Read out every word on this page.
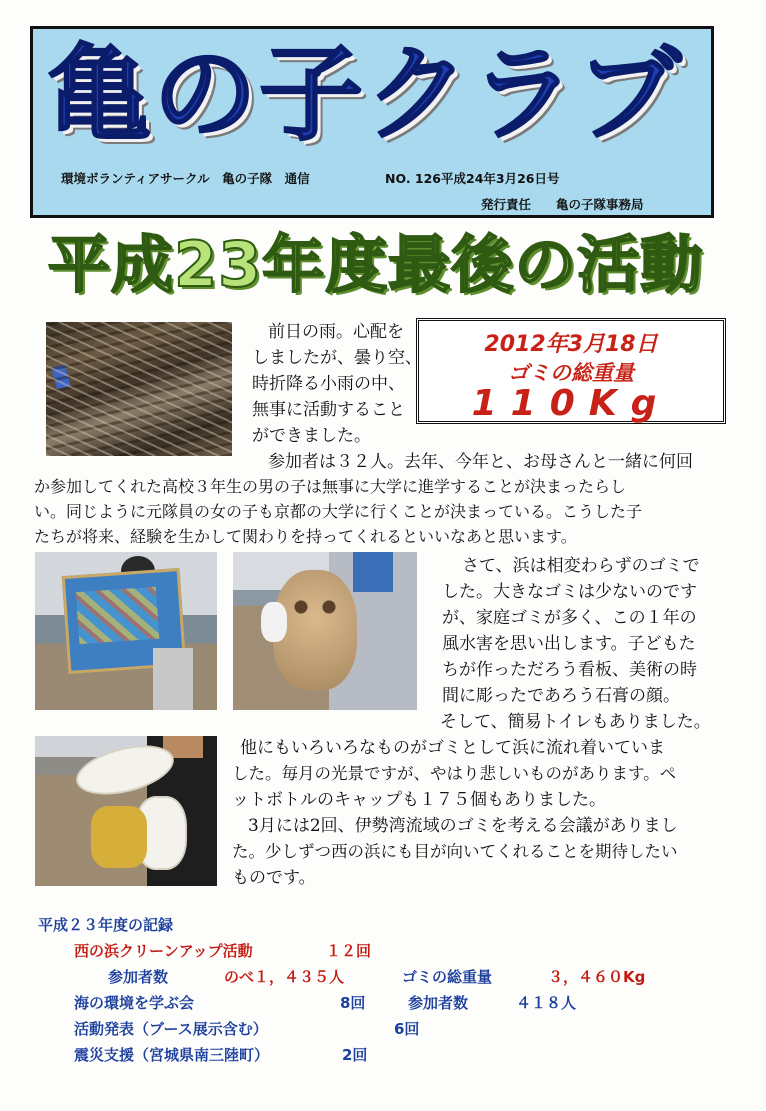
亀の子クラブ
環境ボランティアサークル　亀の子隊　通信	NO. 126平成24年3月26日号
発行責任　　亀の子隊事務局
平成23年度最後の活動
2012年3月18日
ゴミの総重量
110Kg
前日の雨。心配を
しましたが、曇り空、
時折降る小雨の中、
無事に活動すること
ができました。
参加者は３２人。去年、今年と、お母さんと一緒に何回
か参加してくれた高校３年生の男の子は無事に大学に進学することが決まったらし
い。同じように元隊員の女の子も京都の大学に行くことが決まっている。こうした子
たちが将来、経験を生かして関わりを持ってくれるといいなあと思います。
さて、浜は相変わらずのゴミで
した。大きなゴミは少ないのです
が、家庭ゴミが多く、この１年の
風水害を思い出します。子どもた
ちが作っただろう看板、美術の時
間に彫ったであろう石膏の顔。
そして、簡易トイレもありました。
他にもいろいろなものがゴミとして浜に流れ着いていま
した。毎月の光景ですが、やはり悲しいものがあります。ペ
ットボトルのキャップも１７５個もありました。
3月には2回、伊勢湾流域のゴミを考える会議がありまし
た。少しずつ西の浜にも目が向いてくれることを期待したい
ものです。
平成２３年度の記録
西の浜クリーンアップ活動	１２回
参加者数	のべ１，４３５人	ゴミの総重量	３，４６０Kg
海の環境を学ぶ会	8回	参加者数	４１８人
活動発表（ブース展示含む）	6回
震災支援（宮城県南三陸町）	2回
